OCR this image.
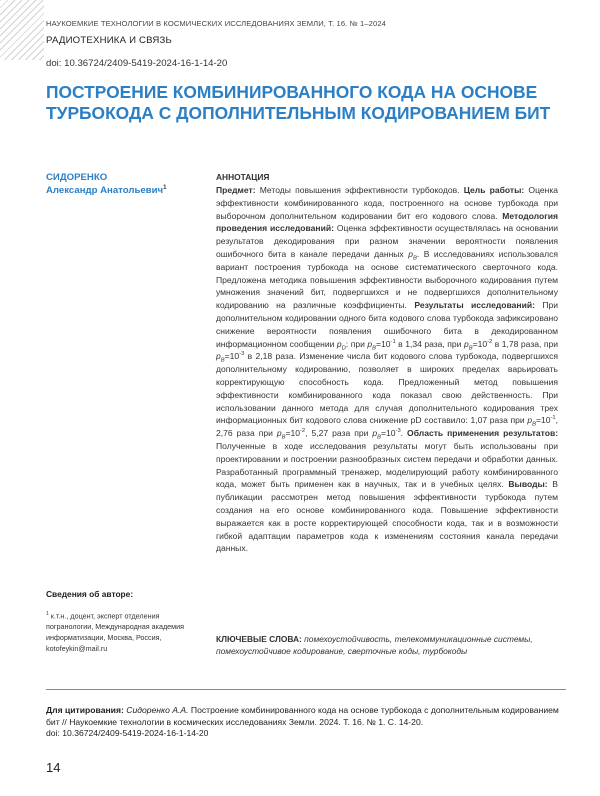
НАУКОЕМКИЕ ТЕХНОЛОГИИ В КОСМИЧЕСКИХ ИССЛЕДОВАНИЯХ ЗЕМЛИ, Т. 16. № 1–2024
РАДИОТЕХНИКА И СВЯЗЬ
doi: 10.36724/2409-5419-2024-16-1-14-20
ПОСТРОЕНИЕ КОМБИНИРОВАННОГО КОДА НА ОСНОВЕ ТУРБОКОДА С ДОПОЛНИТЕЛЬНЫМ КОДИРОВАНИЕМ БИТ
СИДОРЕНКО
Александр Анатольевич$^1$
АННОТАЦИЯ

Предмет: Методы повышения эффективности турбокодов. Цель работы: Оценка эффективности комбинированного кода, построенного на основе турбокода при выборочном дополнительном кодировании бит его кодового слова. Методология проведения исследований: Оценка эффективности осуществлялась на основании результатов декодирования при разном значении вероятности появления ошибочного бита в канале передачи данных $p_B$. В исследованиях использовался вариант построения турбокода на основе систематического сверточного кода. Предложена методика повышения эффективности выборочного кодирования путем умножения значений бит, подвергшихся и не подвергшихся дополнительному кодированию на различные коэффициенты. Результаты исследований: При дополнительном кодировании одного бита кодового слова турбокода зафиксировано снижение вероятности появления ошибочного бита в декодированном информационном сообщении $p_D$: при $p_B=10^{-1}$ в 1,34 раза, при $p_B=10^{-2}$ в 1,78 раза, при $p_B=10^{-3}$ в 2,18 раза. Изменение числа бит кодового слова турбокода, подвергшихся дополнительному кодированию, позволяет в широких пределах варьировать корректирующую способность кода. Предложенный метод повышения эффективности комбинированного кода показал свою действенность. При использовании данного метода для случая дополнительного кодирования трех информационных бит кодового слова снижение pD составило: 1,07 раза при $p_B=10^{-1}$, 2,76 раза при $p_B=10^{-2}$, 5,27 раза при $p_B=10^{-3}$. Область применения результатов: Полученные в ходе исследования результаты могут быть использованы при проектировании и построении разнообразных систем передачи и обработки данных. Разработанный программный тренажер, моделирующий работу комбинированного кода, может быть применен как в научных, так и в учебных целях. Выводы: В публикации рассмотрен метод повышения эффективности турбокода путем создания на его основе комбинированного кода. Повышение эффективности выражается как в росте корректирующей способности кода, так и в возможности гибкой адаптации параметров кода к изменениям состояния канала передачи данных.

Сведения об авторе:

$^1$ к.т.н., доцент, эксперт отделения погранологии, Международная академия информатизации, Москва, Россия, kotofeykin@mail.ru

КЛЮЧЕВЫЕ СЛОВА: помехоустойчивость, телекоммуникационные системы, помехоустойчивое кодирование, сверточные коды, турбокоды

Для цитирования: Сидоренко А.А. Построение комбинированного кода на основе турбокода с дополнительным кодированием бит // Наукоемкие технологии в космических исследованиях Земли. 2024. Т. 16. № 1. С. 14-20.
doi: 10.36724/2409-5419-2024-16-1-14-20

14
